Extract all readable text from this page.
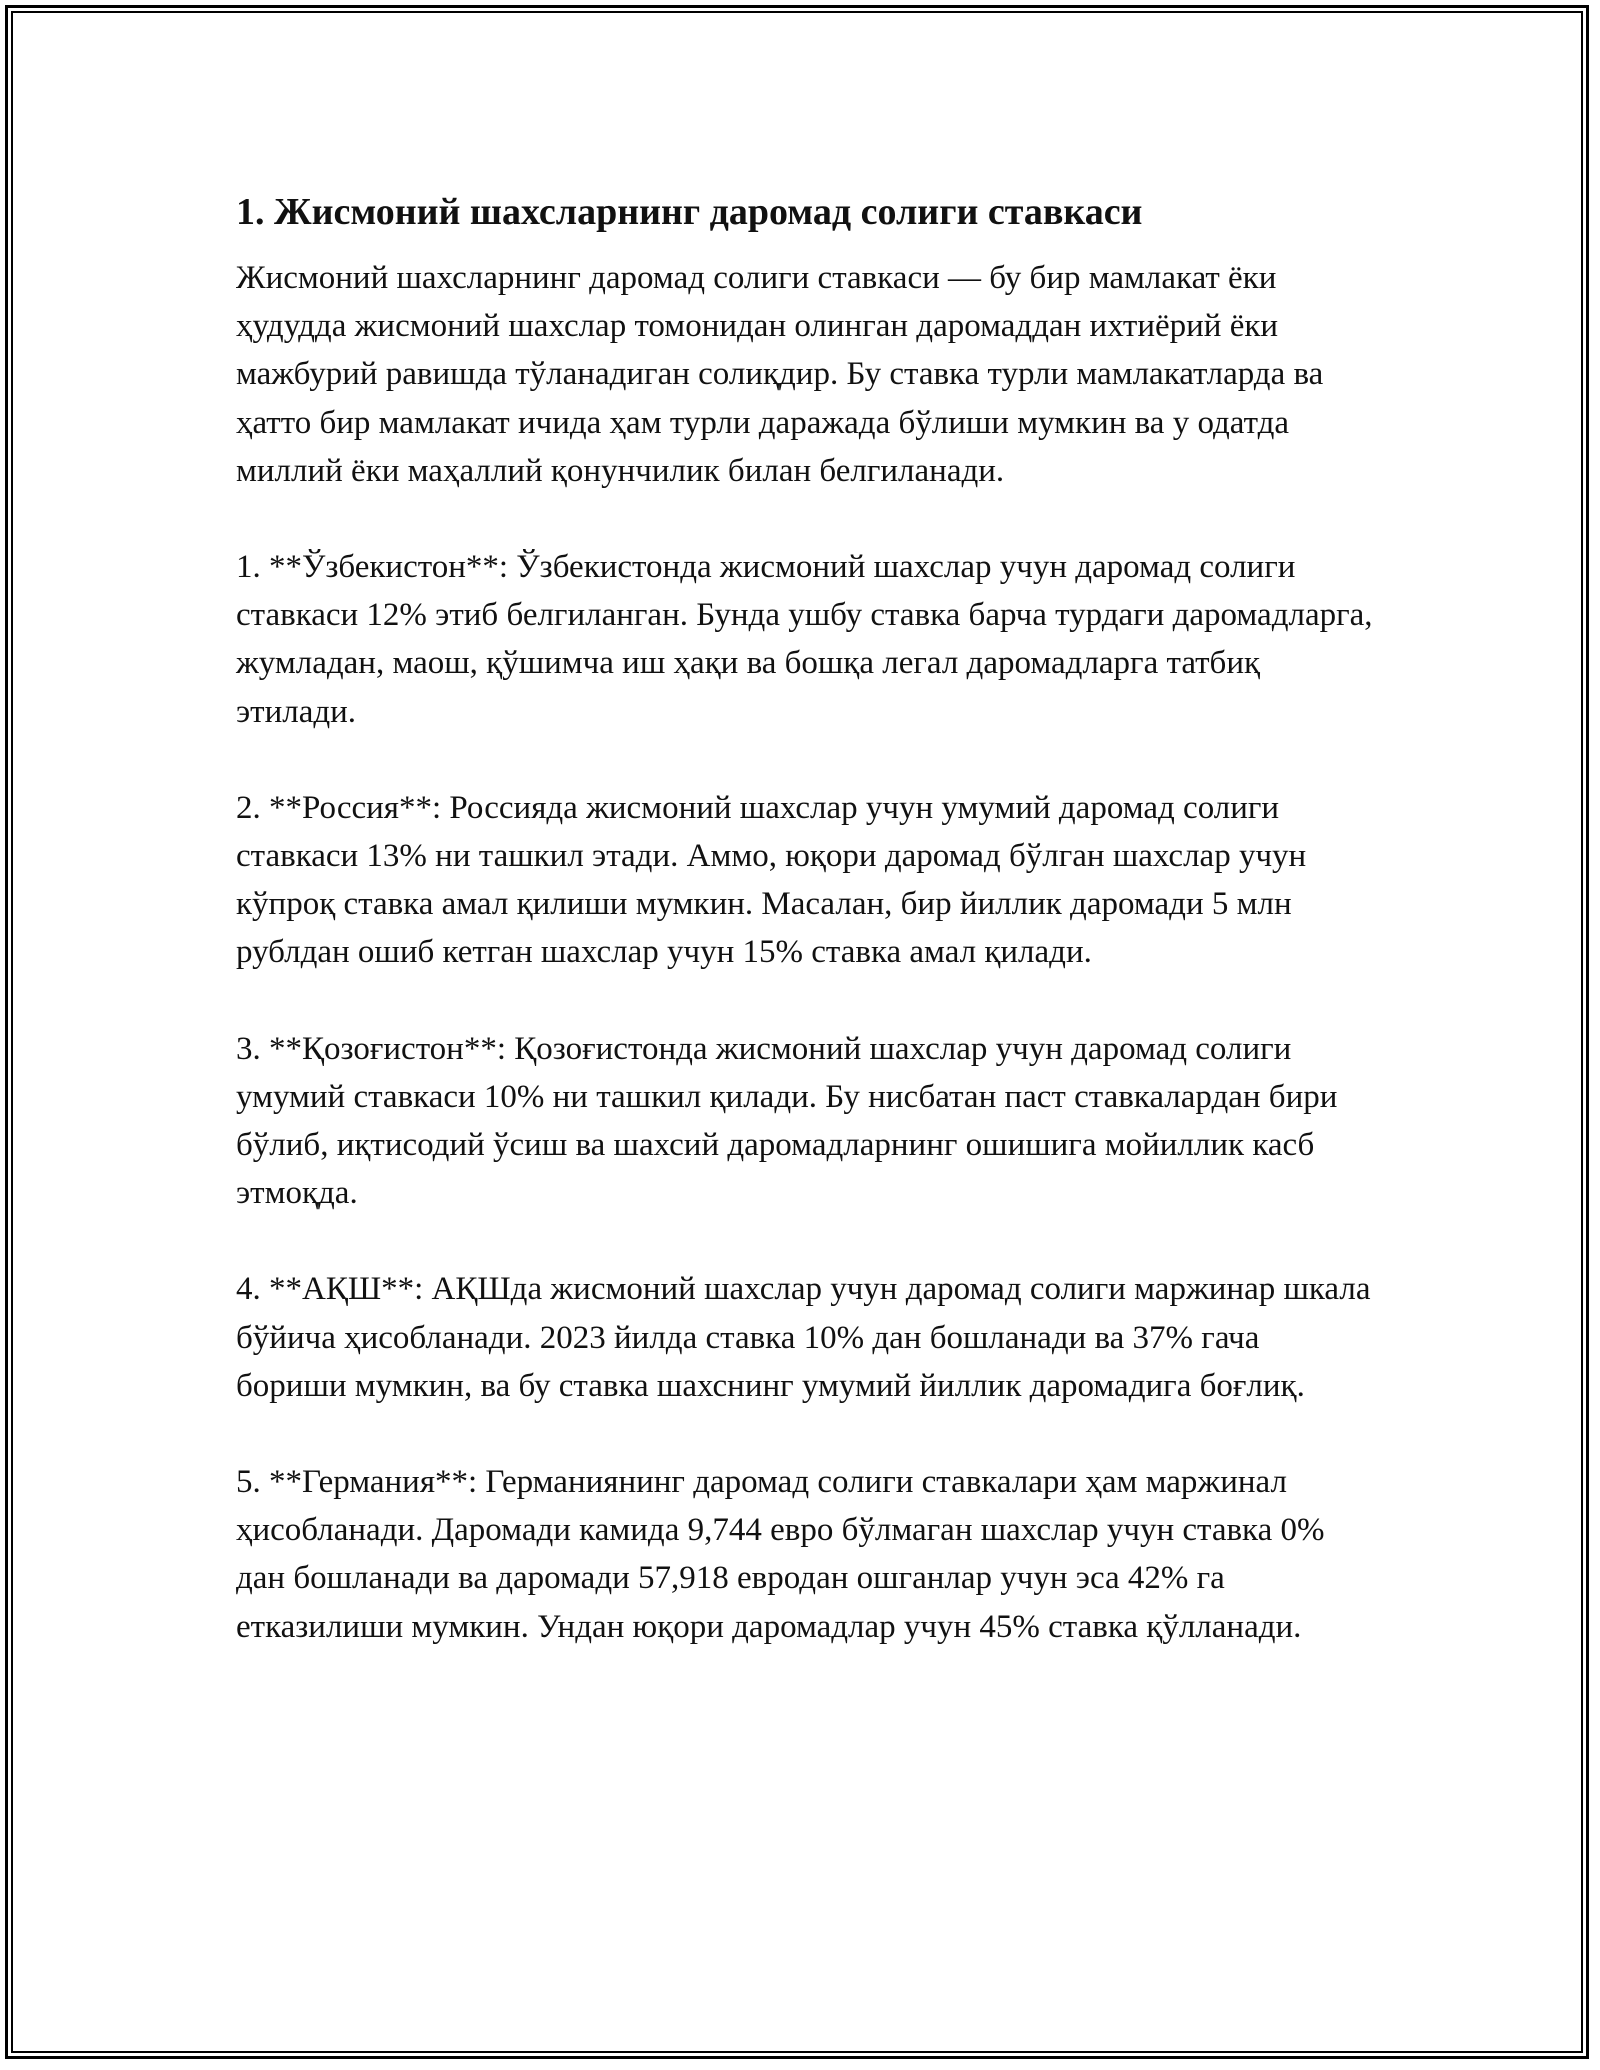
1. Жисмоний шахсларнинг даромад солиги ставкаси

Жисмоний шахсларнинг даромад солиги ставкаси — бу бир мамлакат ёки ҳудудда жисмоний шахслар томонидан олинган даромаддан ихтиёрий ёки мажбурий равишда тўланадиган солиқдир. Бу ставка турли мамлакатларда ва ҳатто бир мамлакат ичида ҳам турли даражада бўлиши мумкин ва у одатда миллий ёки маҳаллий қонунчилик билан белгиланади.

1. **Ўзбекистон**: Ўзбекистонда жисмоний шахслар учун даромад солиги ставкаси 12% этиб белгиланган. Бунда ушбу ставка барча турдаги даромадларга, жумладан, маош, қўшимча иш ҳақи ва бошқа легал даромадларга татбиқ этилади.

2. **Россия**: Россияда жисмоний шахслар учун умумий даромад солиги ставкаси 13% ни ташкил этади. Аммо, юқори даромад бўлган шахслар учун кўпроқ ставка амал қилиши мумкин. Масалан, бир йиллик даромади 5 млн рублдан ошиб кетган шахслар учун 15% ставка амал қилади.

3. **Қозоғистон**: Қозоғистонда жисмоний шахслар учун даромад солиги умумий ставкаси 10% ни ташкил қилади. Бу нисбатан паст ставкалардан бири бўлиб, иқтисодий ўсиш ва шахсий даромадларнинг ошишига мойиллик касб этмоқда.

4. **АҚШ**: АҚШда жисмоний шахслар учун даромад солиги маржинар шкала бўйича ҳисобланади. 2023 йилда ставка 10% дан бошланади ва 37% гача бориши мумкин, ва бу ставка шахснинг умумий йиллик даромадига боғлиқ.

5. **Германия**: Германиянинг даромад солиги ставкалари ҳам маржинал ҳисобланади. Даромади камида 9,744 евро бўлмаган шахслар учун ставка 0% дан бошланади ва даромади 57,918 евродан ошганлар учун эса 42% га етказилиши мумкин. Ундан юқори даромадлар учун 45% ставка қўлланади.
